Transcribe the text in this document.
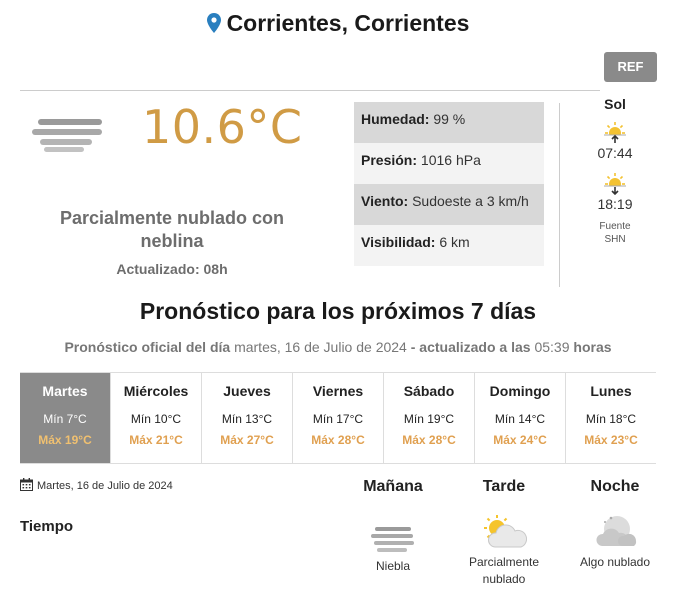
Corrientes, Corrientes
REF
10.6°C
Parcialmente nublado con neblina
Actualizado: 08h
Humedad: 99 %
Presión: 1016 hPa
Viento: Sudoeste a 3 km/h
Visibilidad: 6 km
Sol
07:44
18:19
Fuente
SHN
Pronóstico para los próximos 7 días
Pronóstico oficial del día martes, 16 de Julio de 2024 - actualizado a las 05:39 horas
Martes
Mín 7°C
Máx 19°C
Miércoles
Mín 10°C
Máx 21°C
Jueves
Mín 13°C
Máx 27°C
Viernes
Mín 17°C
Máx 28°C
Sábado
Mín 19°C
Máx 28°C
Domingo
Mín 14°C
Máx 24°C
Lunes
Mín 18°C
Máx 23°C
Martes, 16 de Julio de 2024
Tiempo
Mañana
Niebla
Tarde
Parcialmente nublado
Noche
Algo nublado
